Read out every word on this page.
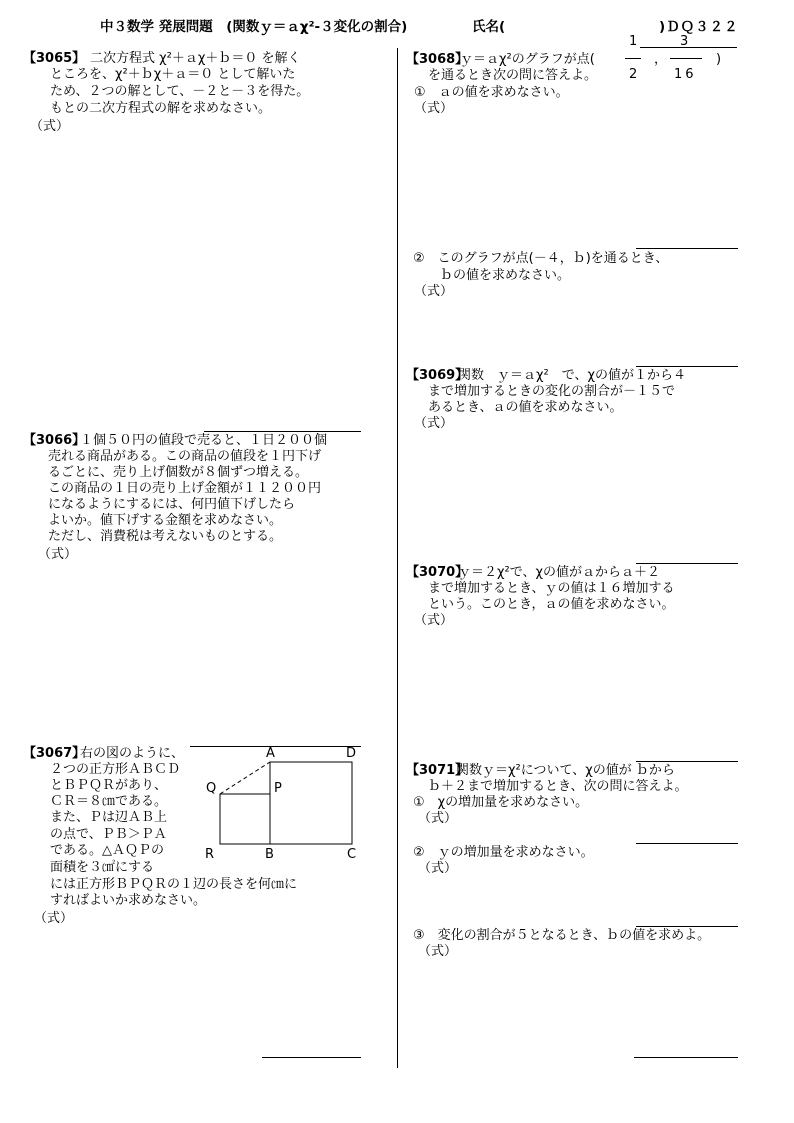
中３数学 発展問題　(関数ｙ＝ａχ²-３変化の割合)	氏名(	)ＤＱ３２２
【3065】 二次方程式 χ²＋ａχ＋ｂ＝０ を解く
ところを、χ²＋ｂχ＋ａ＝０ として解いた
ため、２つの解として、－２と－３を得た。
もとの二次方程式の解を求めなさい。
（式）
【3066】
１個５０円の値段で売ると、１日２００個
売れる商品がある。この商品の値段を１円下げ
るごとに、売り上げ個数が８個ずつ増える。
この商品の１日の売り上げ金額が１１２００円
になるようにするには、何円値下げしたら
よいか。値下げする金額を求めなさい。
ただし、消費税は考えないものとする。
（式）
【3067】
右の図のように、
２つの正方形ＡＢＣＤ
とＢＰＱＲがあり、
ＣＲ＝８㎝である。
また、Ｐは辺ＡＢ上
の点で、ＰＢ＞ＰＡ
である。△ＡＱＰの
面積を３㎠にする
には正方形ＢＰＱＲの１辺の長さを何㎝に
すればよいか求めなさい。
（式）
A	D
Q	P
R	B	C
【3068】
ｙ＝ａχ²のグラフが点(
1
2
，
3
16
)
を通るとき次の問に答えよ。
①　ａの値を求めなさい。
（式）
②　このグラフが点(－４，ｂ)を通るとき、
ｂの値を求めなさい。
（式）
【3069】
関数　ｙ＝ａχ²　で、χの値が１から４
まで増加するときの変化の割合が－１５で
あるとき、ａの値を求めなさい。
（式）
【3070】
ｙ＝２χ²で、χの値がａからａ＋２
まで増加するとき、ｙの値は１６増加する
という。このとき，ａの値を求めなさい。
（式）
【3071】
関数ｙ＝χ²について、χの値が ｂから
ｂ＋２まで増加するとき、次の問に答えよ。
①　χの増加量を求めなさい。
（式）
②　ｙの増加量を求めなさい。
（式）
③　変化の割合が５となるとき、ｂの値を求めよ。
（式）
